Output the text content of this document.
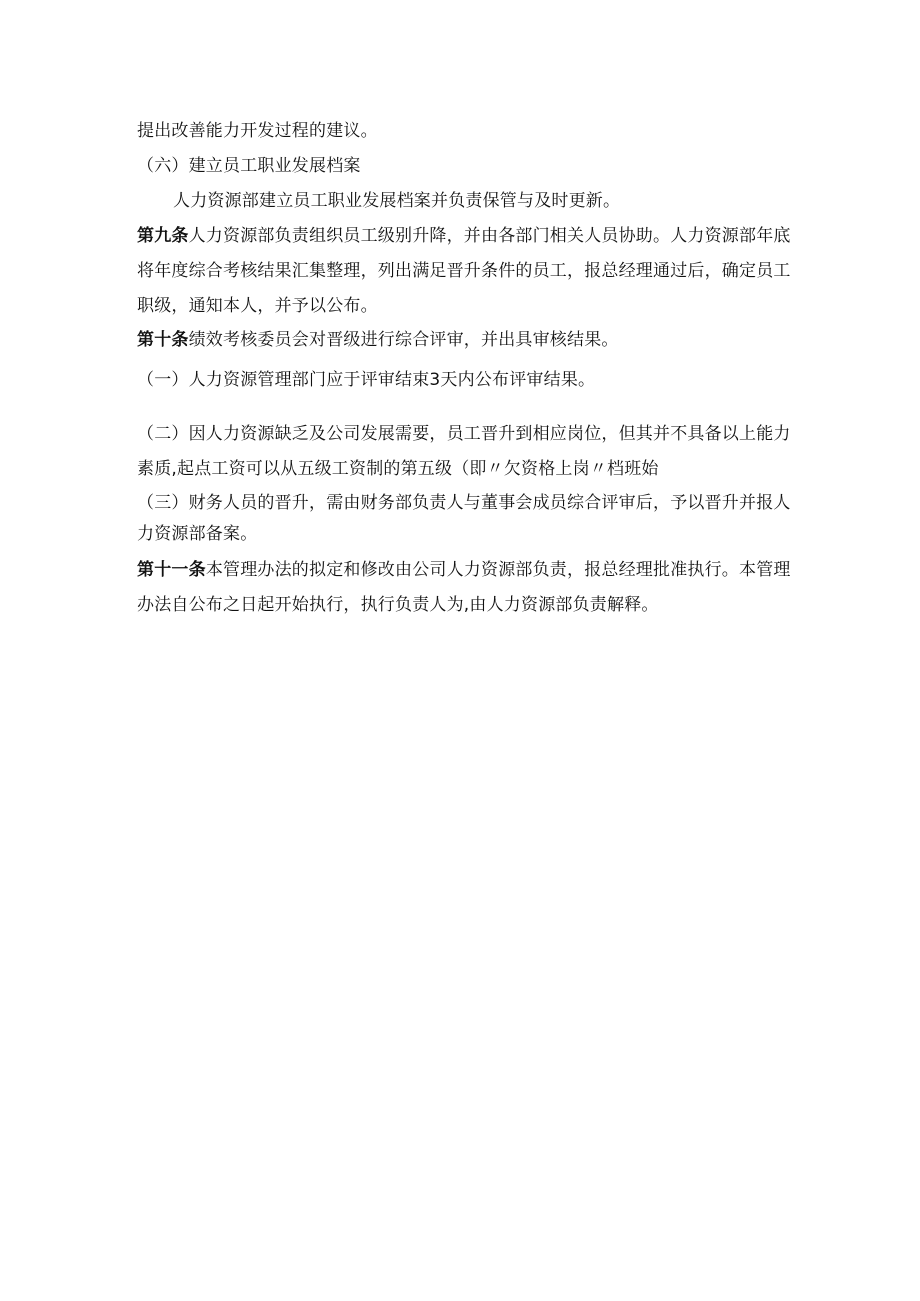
提出改善能力开发过程的建议。
（六）建立员工职业发展档案
人力资源部建立员工职业发展档案并负责保管与及时更新。
第九条人力资源部负责组织员工级别升降，并由各部门相关人员协助。人力资源部年底
将年度综合考核结果汇集整理，列出满足晋升条件的员工，报总经理通过后，确定员工
职级，通知本人，并予以公布。
第十条绩效考核委员会对晋级进行综合评审，并出具审核结果。
（一）人力资源管理部门应于评审结束3天内公布评审结果。
（二）因人力资源缺乏及公司发展需要，员工晋升到相应岗位，但其并不具备以上能力
素质,起点工资可以从五级工资制的第五级（即〃欠资格上岗〃档班始
（三）财务人员的晋升，需由财务部负责人与董事会成员综合评审后，予以晋升并报人
力资源部备案。
第十一条本管理办法的拟定和修改由公司人力资源部负责，报总经理批准执行。本管理
办法自公布之日起开始执行，执行负责人为,由人力资源部负责解释。
